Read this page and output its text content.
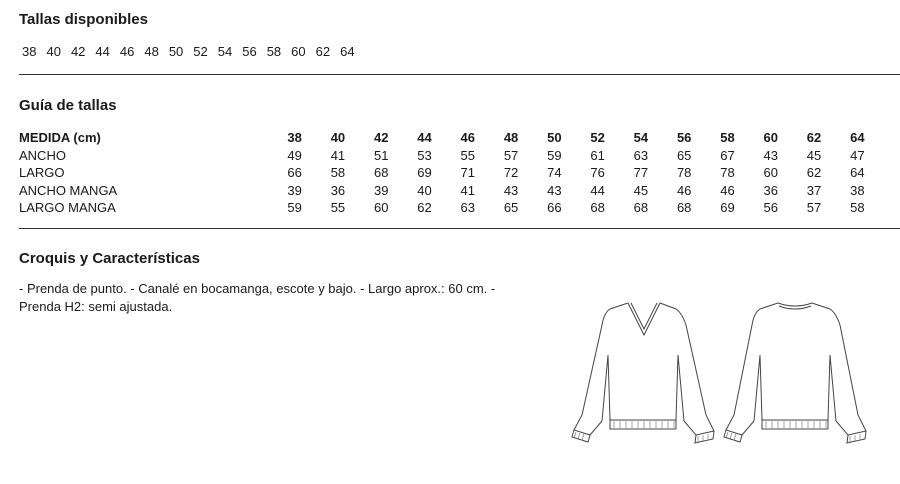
Tallas disponibles
38 40 42 44 46 48 50 52 54 56 58 60 62 64
Guía de tallas
MEDIDA (cm)	38	40	42	44	46	48	50	52	54	56	58	60	62	64
ANCHO	49	41	51	53	55	57	59	61	63	65	67	43	45	47
LARGO	66	58	68	69	71	72	74	76	77	78	78	60	62	64
ANCHO MANGA	39	36	39	40	41	43	43	44	45	46	46	36	37	38
LARGO MANGA	59	55	60	62	63	65	66	68	68	68	69	56	57	58
Croquis y Características
- Prenda de punto. - Canalé en bocamanga, escote y bajo. - Largo aprox.: 60 cm. - Prenda H2: semi ajustada.
